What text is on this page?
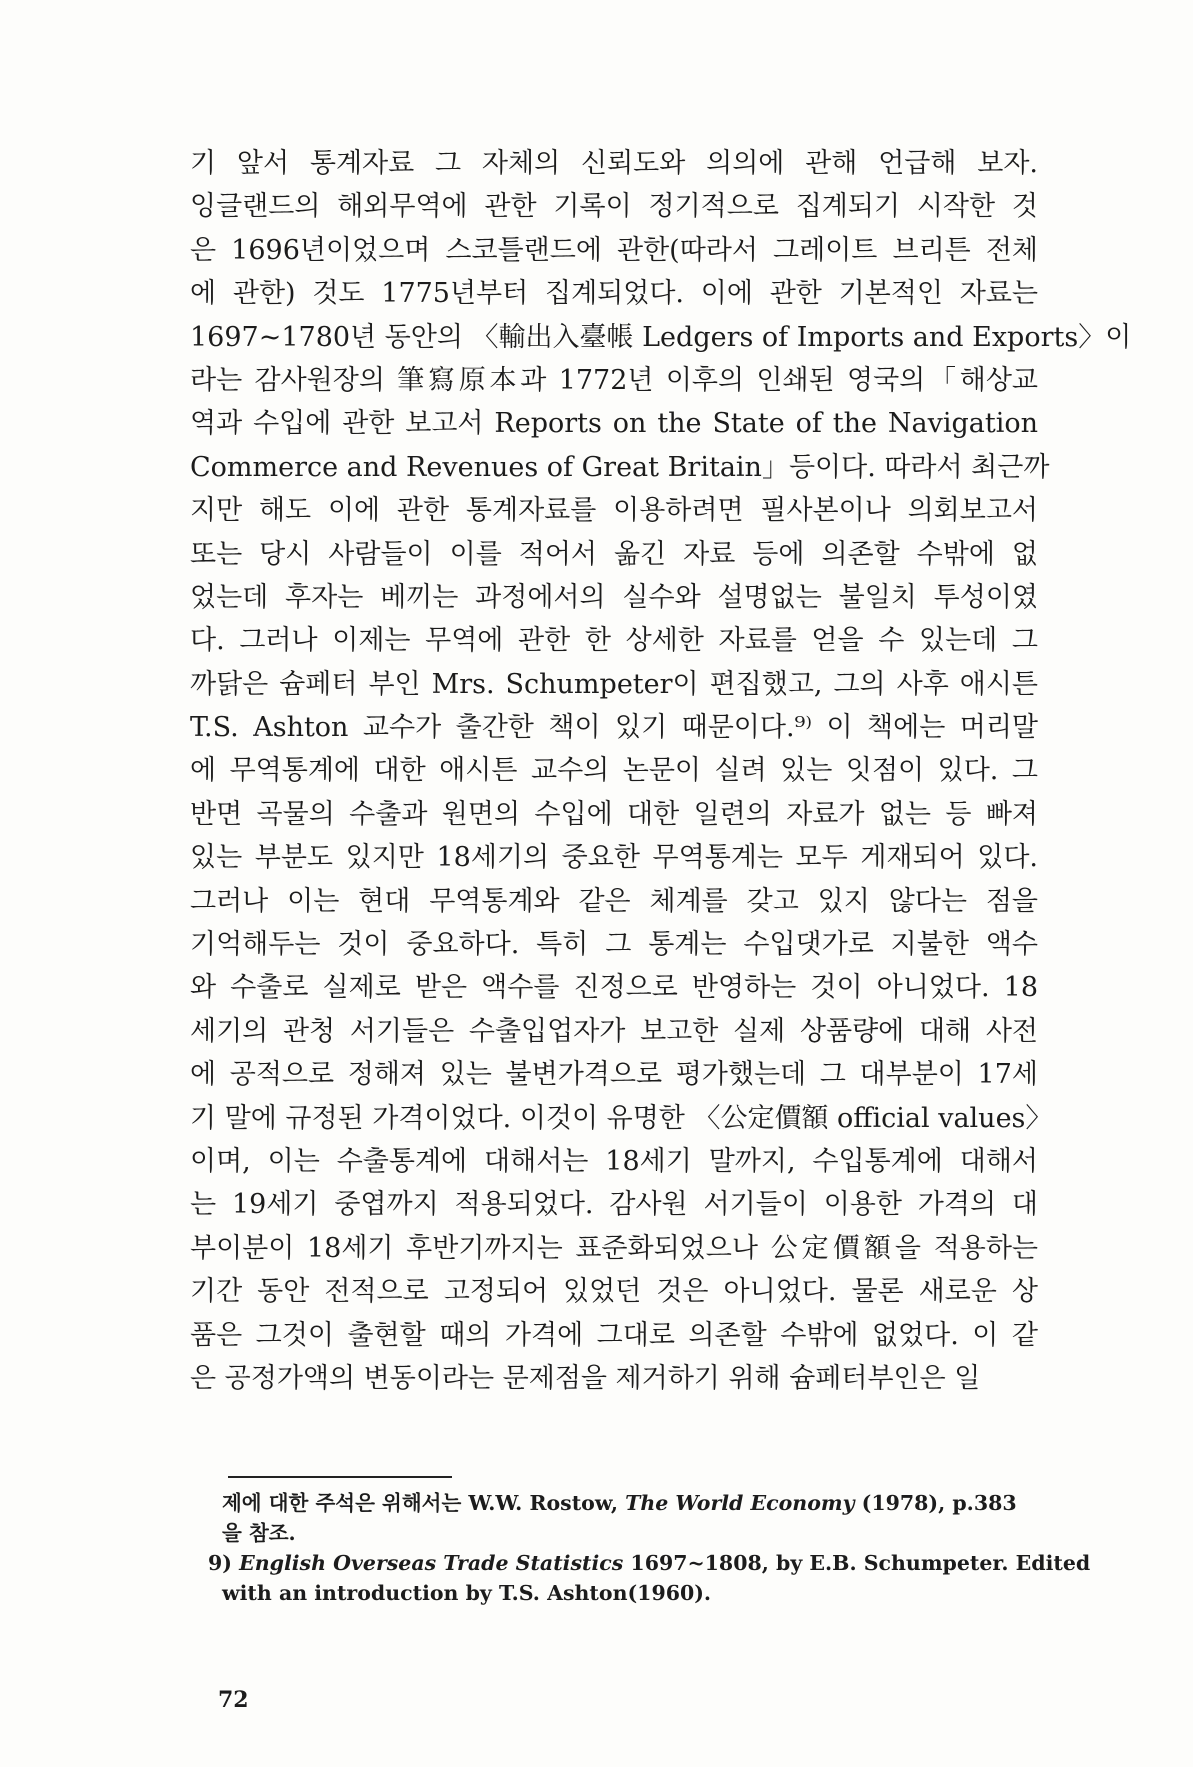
기 앞서 통계자료 그 자체의 신뢰도와 의의에 관해 언급해 보자.
잉글랜드의 해외무역에 관한 기록이 정기적으로 집계되기 시작한 것
은 1696년이었으며 스코틀랜드에 관한(따라서 그레이트 브리튼 전체
에 관한) 것도 1775년부터 집계되었다. 이에 관한 기본적인 자료는
1697~1780년 동안의 〈輸出入臺帳 Ledgers of Imports and Exports〉이
라는 감사원장의 筆寫原本과 1772년 이후의 인쇄된 영국의「해상교
역과 수입에 관한 보고서 Reports on the State of the Navigation
Commerce and Revenues of Great Britain」등이다. 따라서 최근까
지만 해도 이에 관한 통계자료를 이용하려면 필사본이나 의회보고서
또는 당시 사람들이 이를 적어서 옮긴 자료 등에 의존할 수밖에 없
었는데 후자는 베끼는 과정에서의 실수와 설명없는 불일치 투성이였
다. 그러나 이제는 무역에 관한 한 상세한 자료를 얻을 수 있는데 그
까닭은 슘페터 부인 Mrs. Schumpeter이 편집했고, 그의 사후 애시튼
T.S. Ashton 교수가 출간한 책이 있기 때문이다.⁹⁾ 이 책에는 머리말
에 무역통계에 대한 애시튼 교수의 논문이 실려 있는 잇점이 있다. 그
반면 곡물의 수출과 원면의 수입에 대한 일련의 자료가 없는 등 빠져
있는 부분도 있지만 18세기의 중요한 무역통계는 모두 게재되어 있다.
그러나 이는 현대 무역통계와 같은 체계를 갖고 있지 않다는 점을
기억해두는 것이 중요하다. 특히 그 통계는 수입댓가로 지불한 액수
와 수출로 실제로 받은 액수를 진정으로 반영하는 것이 아니었다. 18
세기의 관청 서기들은 수출입업자가 보고한 실제 상품량에 대해 사전
에 공적으로 정해져 있는 불변가격으로 평가했는데 그 대부분이 17세
기 말에 규정된 가격이었다. 이것이 유명한 〈公定價額 official values〉
이며, 이는 수출통계에 대해서는 18세기 말까지, 수입통계에 대해서
는 19세기 중엽까지 적용되었다. 감사원 서기들이 이용한 가격의 대
부이분이 18세기 후반기까지는 표준화되었으나 公定價額을 적용하는
기간 동안 전적으로 고정되어 있었던 것은 아니었다. 물론 새로운 상
품은 그것이 출현할 때의 가격에 그대로 의존할 수밖에 없었다. 이 같
은 공정가액의 변동이라는 문제점을 제거하기 위해 슘페터부인은 일
제에 대한 주석은 위해서는 W.W. Rostow, The World Economy (1978), p.383
을 참조.
9) English Overseas Trade Statistics 1697~1808, by E.B. Schumpeter. Edited
with an introduction by T.S. Ashton(1960).
72
